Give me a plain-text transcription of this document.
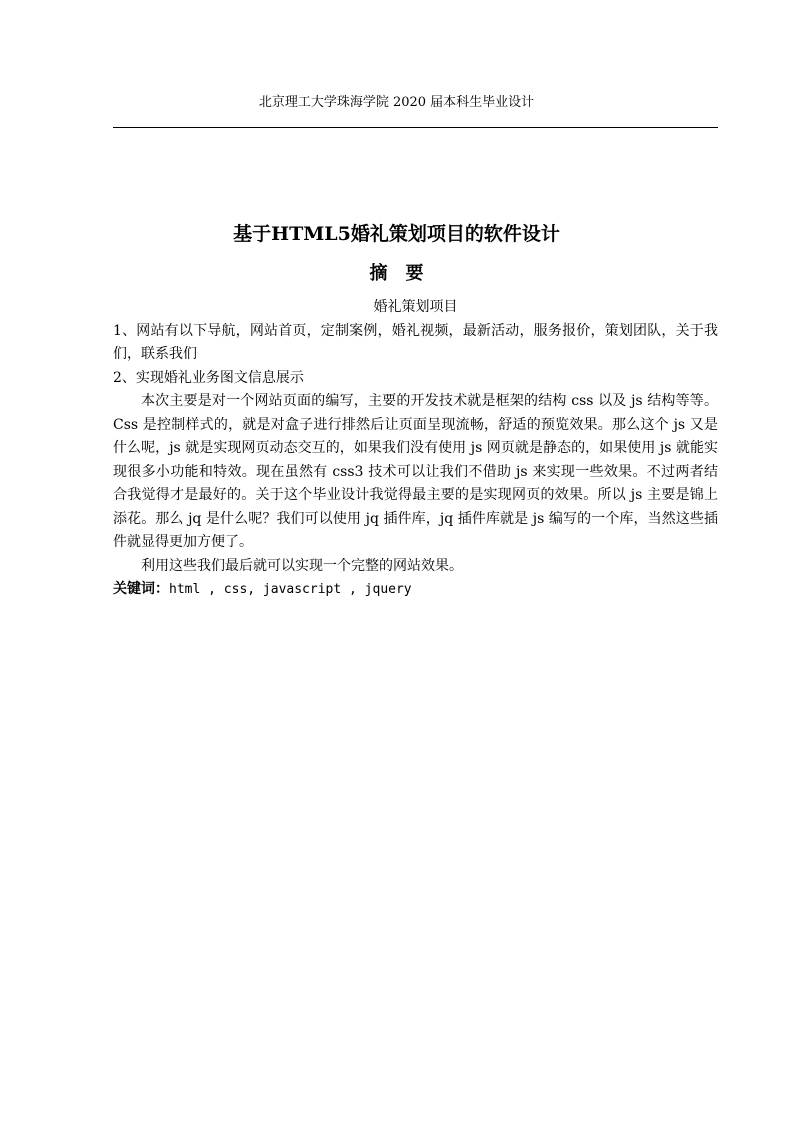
北京理工大学珠海学院 2020 届本科生毕业设计
基于HTML5婚礼策划项目的软件设计
摘要

婚礼策划项目

1、网站有以下导航，网站首页，定制案例，婚礼视频，最新活动，服务报价，策划团队，关于我们，联系我们

2、实现婚礼业务图文信息展示

本次主要是对一个网站页面的编写，主要的开发技术就是框架的结构 css 以及 js 结构等等。Css 是控制样式的，就是对盒子进行排然后让页面呈现流畅，舒适的预览效果。那么这个 js 又是什么呢，js 就是实现网页动态交互的，如果我们没有使用 js 网页就是静态的，如果使用 js 就能实现很多小功能和特效。现在虽然有 css3 技术可以让我们不借助 js 来实现一些效果。不过两者结合我觉得才是最好的。关于这个毕业设计我觉得最主要的是实现网页的效果。所以 js 主要是锦上添花。那么 jq 是什么呢？我们可以使用 jq 插件库，jq 插件库就是 js 编写的一个库，当然这些插件就显得更加方便了。

利用这些我们最后就可以实现一个完整的网站效果。

关键词：html , css, javascript , jquery
